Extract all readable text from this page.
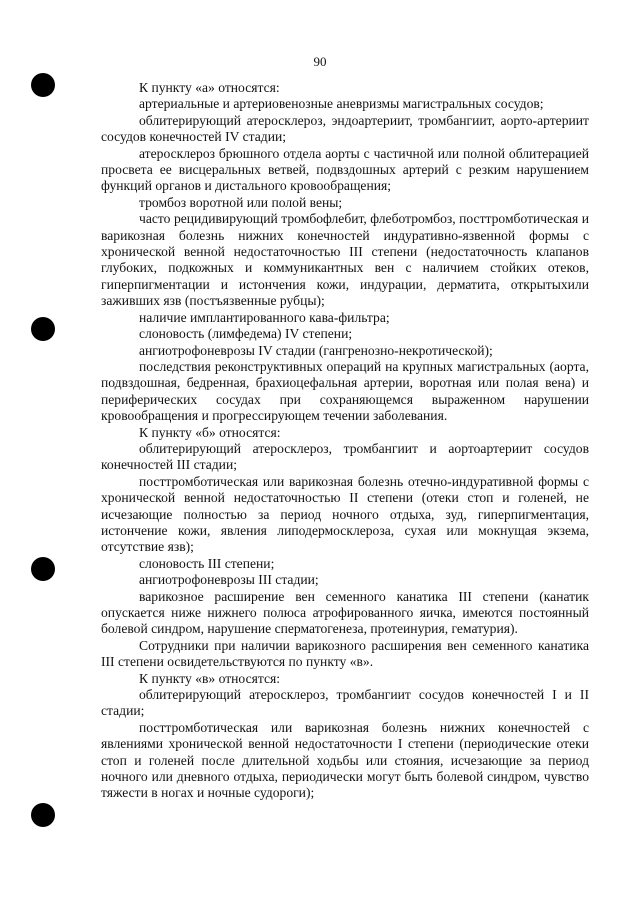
90

К пункту «а» относятся:

артериальные и артериовенозные аневризмы магистральных сосудов;

облитерирующий атеросклероз, эндоартериит, тромбангиит, аорто-артериит сосудов конечностей IV стадии;

атеросклероз брюшного отдела аорты с частичной или полной облитерацией просвета ее висцеральных ветвей, подвздошных артерий с резким нарушением функций органов и дистального кровообращения;

тромбоз воротной или полой вены;

часто рецидивирующий тромбофлебит, флеботромбоз, посттромботическая и варикозная болезнь нижних конечностей индуративно-язвенной формы с хронической венной недостаточностью III степени (недостаточность клапанов глубоких, подкожных и коммуникантных вен с наличием стойких отеков, гиперпигментации и истончения кожи, индурации, дерматита, открытыхили заживших язв (постъязвенные рубцы);

наличие имплантированного кава-фильтра;

слоновость (лимфедема) IV степени;

ангиотрофоневрозы IV стадии (гангренозно-некротической);

последствия реконструктивных операций на крупных магистральных (аорта, подвздошная, бедренная, брахиоцефальная артерии, воротная или полая вена) и периферических сосудах при сохраняющемся выраженном нарушении кровообращения и прогрессирующем течении заболевания.

К пункту «б» относятся:

облитерирующий атеросклероз, тромбангиит и аортоартериит сосудов конечностей III стадии;

посттромботическая или варикозная болезнь отечно-индуративной формы с хронической венной недостаточностью II степени (отеки стоп и голеней, не исчезающие полностью за период ночного отдыха, зуд, гиперпигментация, истончение кожи, явления липодермосклероза, сухая или мокнущая экзема, отсутствие язв);

слоновость III степени;

ангиотрофоневрозы III стадии;

варикозное расширение вен семенного канатика III степени (канатик опускается ниже нижнего полюса атрофированного яичка, имеются постоянный болевой синдром, нарушение сперматогенеза, протеинурия, гематурия).

Сотрудники при наличии варикозного расширения вен семенного канатика III степени освидетельствуются по пункту «в».

К пункту «в» относятся:

облитерирующий атеросклероз, тромбангиит сосудов конечностей I и II стадии;

посттромботическая или варикозная болезнь нижних конечностей с явлениями хронической венной недостаточности I степени (периодические отеки стоп и голеней после длительной ходьбы или стояния, исчезающие за период ночного или дневного отдыха, периодически могут быть болевой синдром, чувство тяжести в ногах и ночные судороги);
